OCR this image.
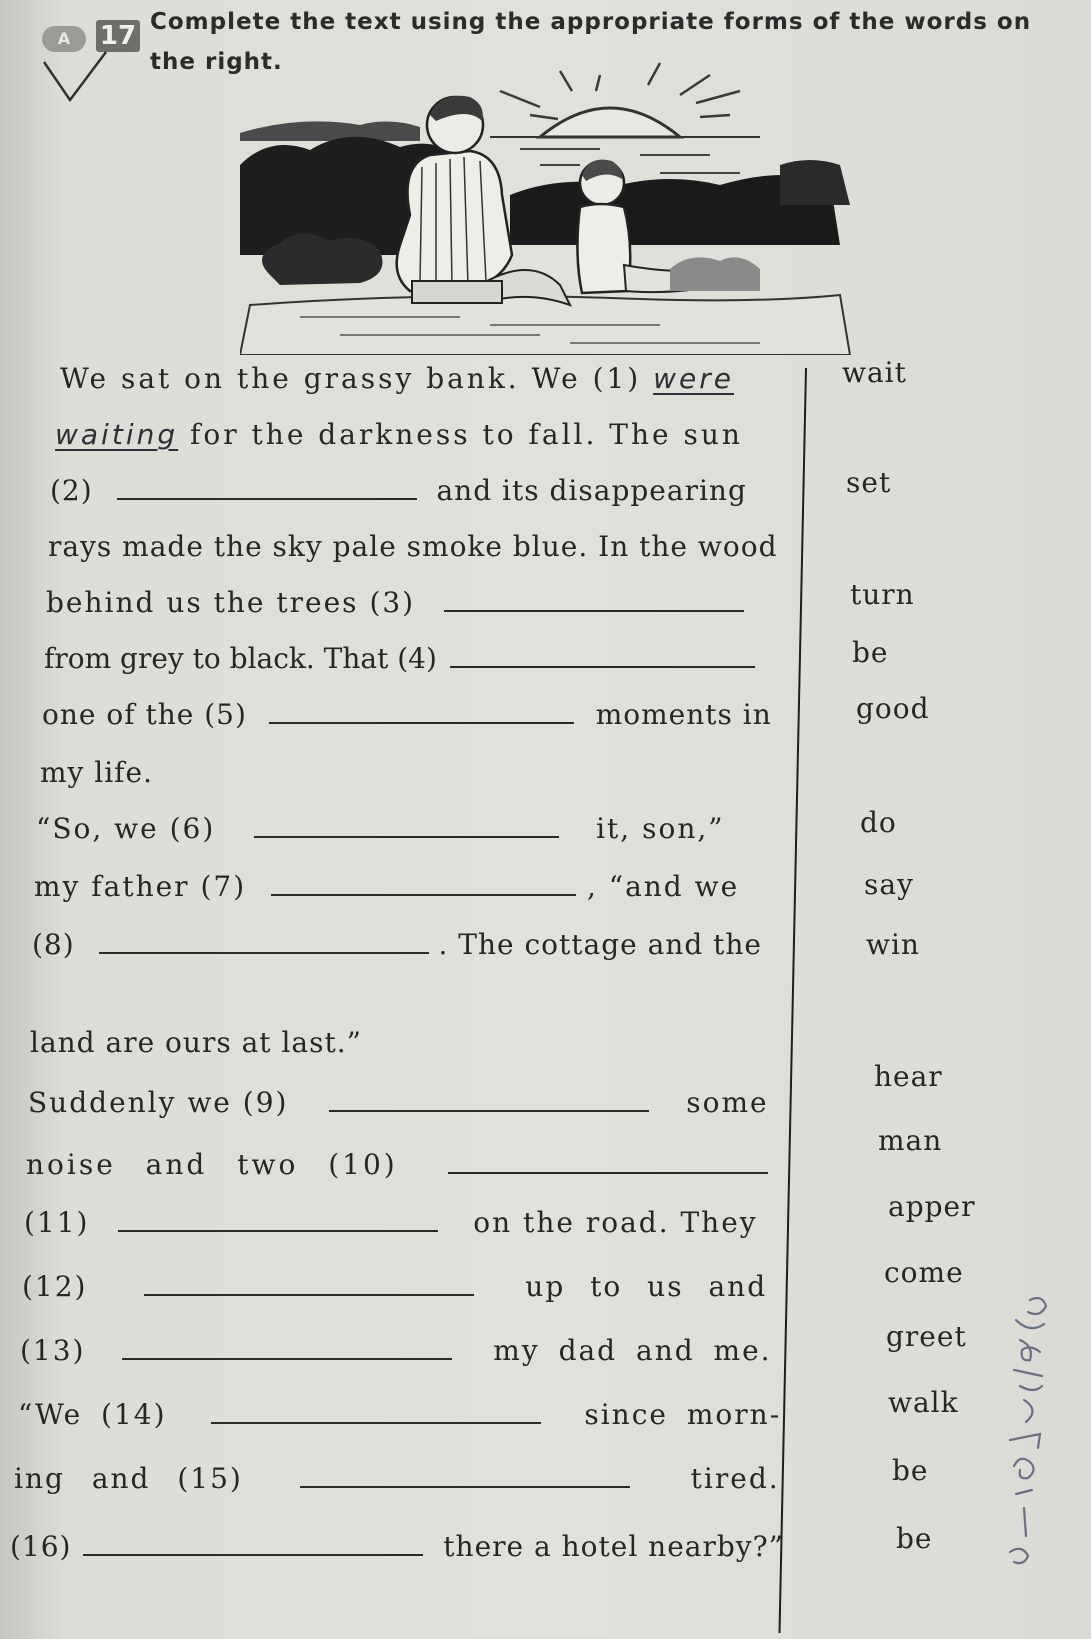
A	17 Complete the text using the appropriate forms of the words on the right.
We sat on the grassy bank. We (1) were
waiting for the darkness to fall. The sun
(2)	and its disappearing
rays made the sky pale smoke blue. In the wood
behind us the trees (3)
from grey to black. That (4)
one of the (5)	moments in
my life.
“So, we (6)	it, son,”
my father (7)	, “and we
(8)	. The cottage and the
land are ours at last.”
Suddenly we (9)	some
noise and two (10)
(11)	on the road. They
(12)	up to us and
(13)	my dad and me.
“We (14)	since morn-
ing and (15)	tired.
(16)	there a hotel nearby?”
wait
set
turn
be
good
do
say
win
hear
man
apper
come
greet
walk
be
be
